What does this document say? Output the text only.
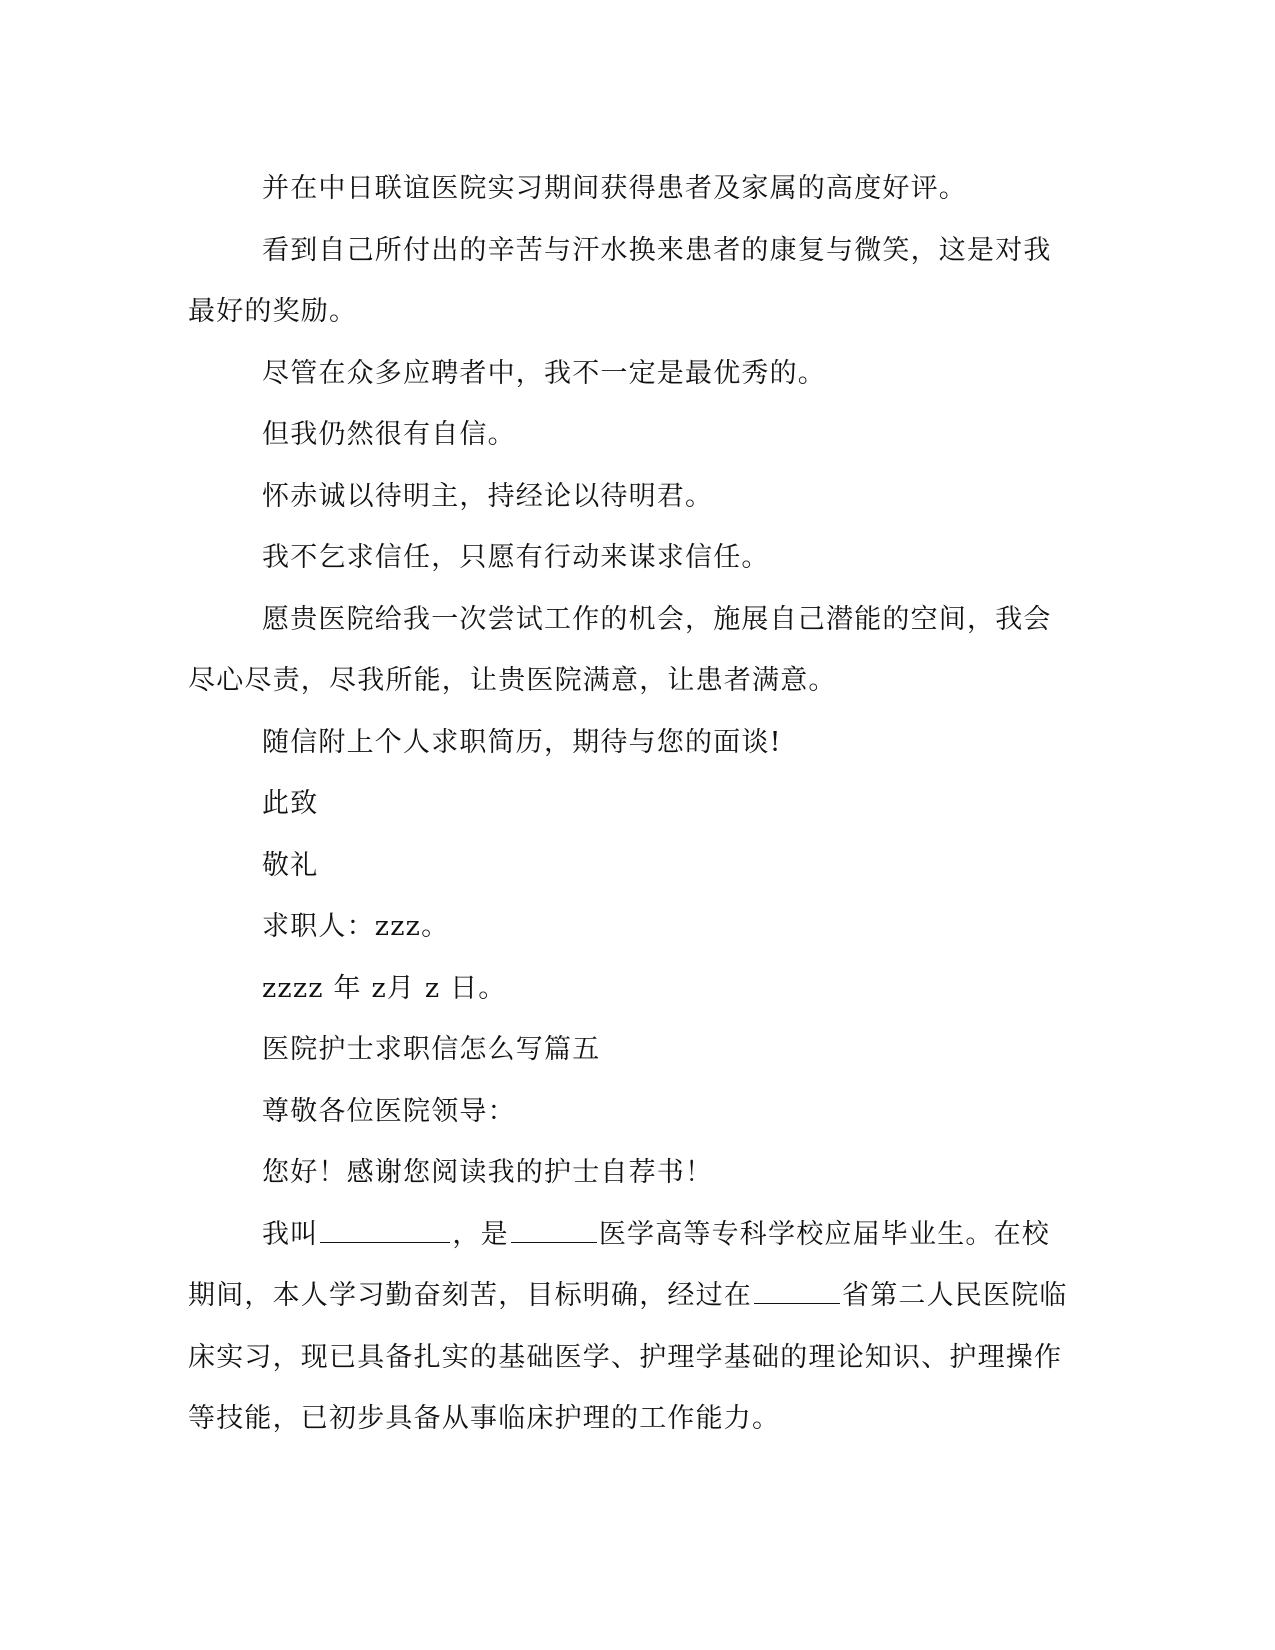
并在中日联谊医院实习期间获得患者及家属的高度好评。

看到自己所付出的辛苦与汗水换来患者的康复与微笑，这是对我最好的奖励。

尽管在众多应聘者中，我不一定是最优秀的。

但我仍然很有自信。

怀赤诚以待明主，持经论以待明君。

我不乞求信任，只愿有行动来谋求信任。

愿贵医院给我一次尝试工作的机会，施展自己潜能的空间，我会尽心尽责，尽我所能，让贵医院满意，让患者满意。

随信附上个人求职简历，期待与您的面谈!

此致

敬礼

求职人：zzz。

zzzz 年 z月 z 日。

医院护士求职信怎么写篇五

尊敬各位医院领导：

您好！感谢您阅读我的护士自荐书！

我叫	，是	医学高等专科学校应届毕业生。在校期间，本人学习勤奋刻苦，目标明确，经过在	省第二人民医院临床实习，现已具备扎实的基础医学、护理学基础的理论知识、护理操作等技能，已初步具备从事临床护理的工作能力。
